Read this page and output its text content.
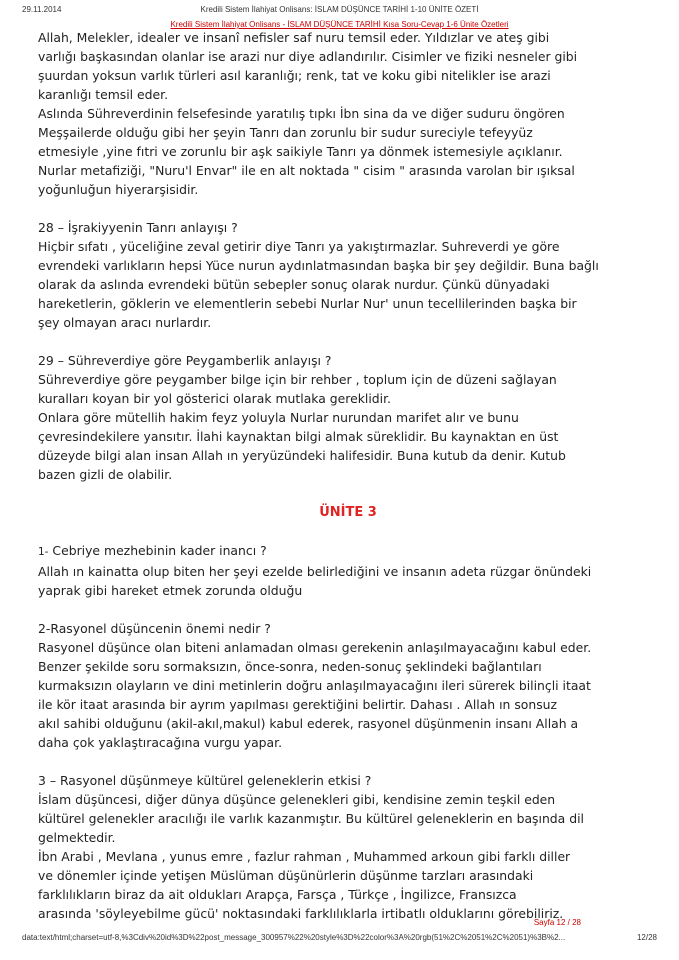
29.11.2014	Kredili Sistem İlahiyat Onlisans: İSLAM DÜŞÜNCE TARİHİ 1-10 ÜNİTE ÖZETİ
Kredili Sistem İlahiyat Onlisans - İSLAM DÜŞÜNCE TARİHİ Kısa Soru-Cevap 1-6 Ünite Özetleri

Allah, Melekler, idealer ve insanî nefisler saf nuru temsil eder. Yıldızlar ve ateş gibi

varlığı başkasından olanlar ise arazi nur diye adlandırılır. Cisimler ve fiziki nesneler gibi

şuurdan yoksun varlık türleri asıl karanlığı; renk, tat ve koku gibi nitelikler ise arazi

karanlığı temsil eder.

Aslında Sühreverdinin felsefesinde yaratılış tıpkı İbn sina da ve diğer suduru öngören

Meşşailerde olduğu gibi her şeyin Tanrı dan zorunlu bir sudur sureciyle tefeyyüz

etmesiyle ,yine fıtri ve zorunlu bir aşk saikiyle Tanrı ya dönmek istemesiyle açıklanır.

Nurlar metafiziği, "Nuru'l Envar" ile en alt noktada " cisim " arasında varolan bir ışıksal

yoğunluğun hiyerarşisidir.

28 – İşrakiyyenin Tanrı anlayışı ?

Hiçbir sıfatı , yüceliğine zeval getirir diye Tanrı ya yakıştırmazlar. Suhreverdi ye göre

evrendeki varlıkların hepsi Yüce nurun aydınlatmasından başka bir şey değildir. Buna bağlı

olarak da aslında evrendeki bütün sebepler sonuç olarak nurdur. Çünkü dünyadaki

hareketlerin, göklerin ve elementlerin sebebi Nurlar Nur' unun tecellilerinden başka bir

şey olmayan aracı nurlardır.

29 – Sühreverdiye göre Peygamberlik anlayışı ?

Sühreverdiye göre peygamber bilge için bir rehber , toplum için de düzeni sağlayan

kuralları koyan bir yol gösterici olarak mutlaka gereklidir.

Onlara göre mütellih hakim feyz yoluyla Nurlar nurundan marifet alır ve bunu

çevresindekilere yansıtır. İlahi kaynaktan bilgi almak süreklidir. Bu kaynaktan en üst

düzeyde bilgi alan insan Allah ın yeryüzündeki halifesidir. Buna kutub da denir. Kutub

bazen gizli de olabilir.

ÜNİTE 3

1- Cebriye mezhebinin kader inancı ?

Allah ın kainatta olup biten her şeyi ezelde belirlediğini ve insanın adeta rüzgar önündeki

yaprak gibi hareket etmek zorunda olduğu

2-Rasyonel düşüncenin önemi nedir ?

Rasyonel düşünce olan biteni anlamadan olması gerekenin anlaşılmayacağını kabul eder.

Benzer şekilde soru sormaksızın, önce-sonra, neden-sonuç şeklindeki bağlantıları

kurmaksızın olayların ve dini metinlerin doğru anlaşılmayacağını ileri sürerek bilinçli itaat

ile kör itaat arasında bir ayrım yapılması gerektiğini belirtir. Dahası . Allah ın sonsuz

akıl sahibi olduğunu (akil-akıl,makul) kabul ederek, rasyonel düşünmenin insanı Allah a

daha çok yaklaştıracağına vurgu yapar.

3 – Rasyonel düşünmeye kültürel geleneklerin etkisi ?

İslam düşüncesi, diğer dünya düşünce gelenekleri gibi, kendisine zemin teşkil eden

kültürel gelenekler aracılığı ile varlık kazanmıştır. Bu kültürel geleneklerin en başında dil

gelmektedir.

İbn Arabi , Mevlana , yunus emre , fazlur rahman , Muhammed arkoun gibi farklı diller

ve dönemler içinde yetişen Müslüman düşünürlerin düşünme tarzları arasındaki

farklılıkların biraz da ait oldukları Arapça, Farsça , Türkçe , İngilizce, Fransızca

arasında 'söyleyebilme gücü' noktasındaki farklılıklarla irtibatlı olduklarını görebiliriz.

Sayfa 12 / 28
data:text/html;charset=utf-8,%3Cdiv%20id%3D%22post_message_300957%22%20style%3D%22color%3A%20rgb(51%2C%2051%2C%2051)%3B%2...	12/28
